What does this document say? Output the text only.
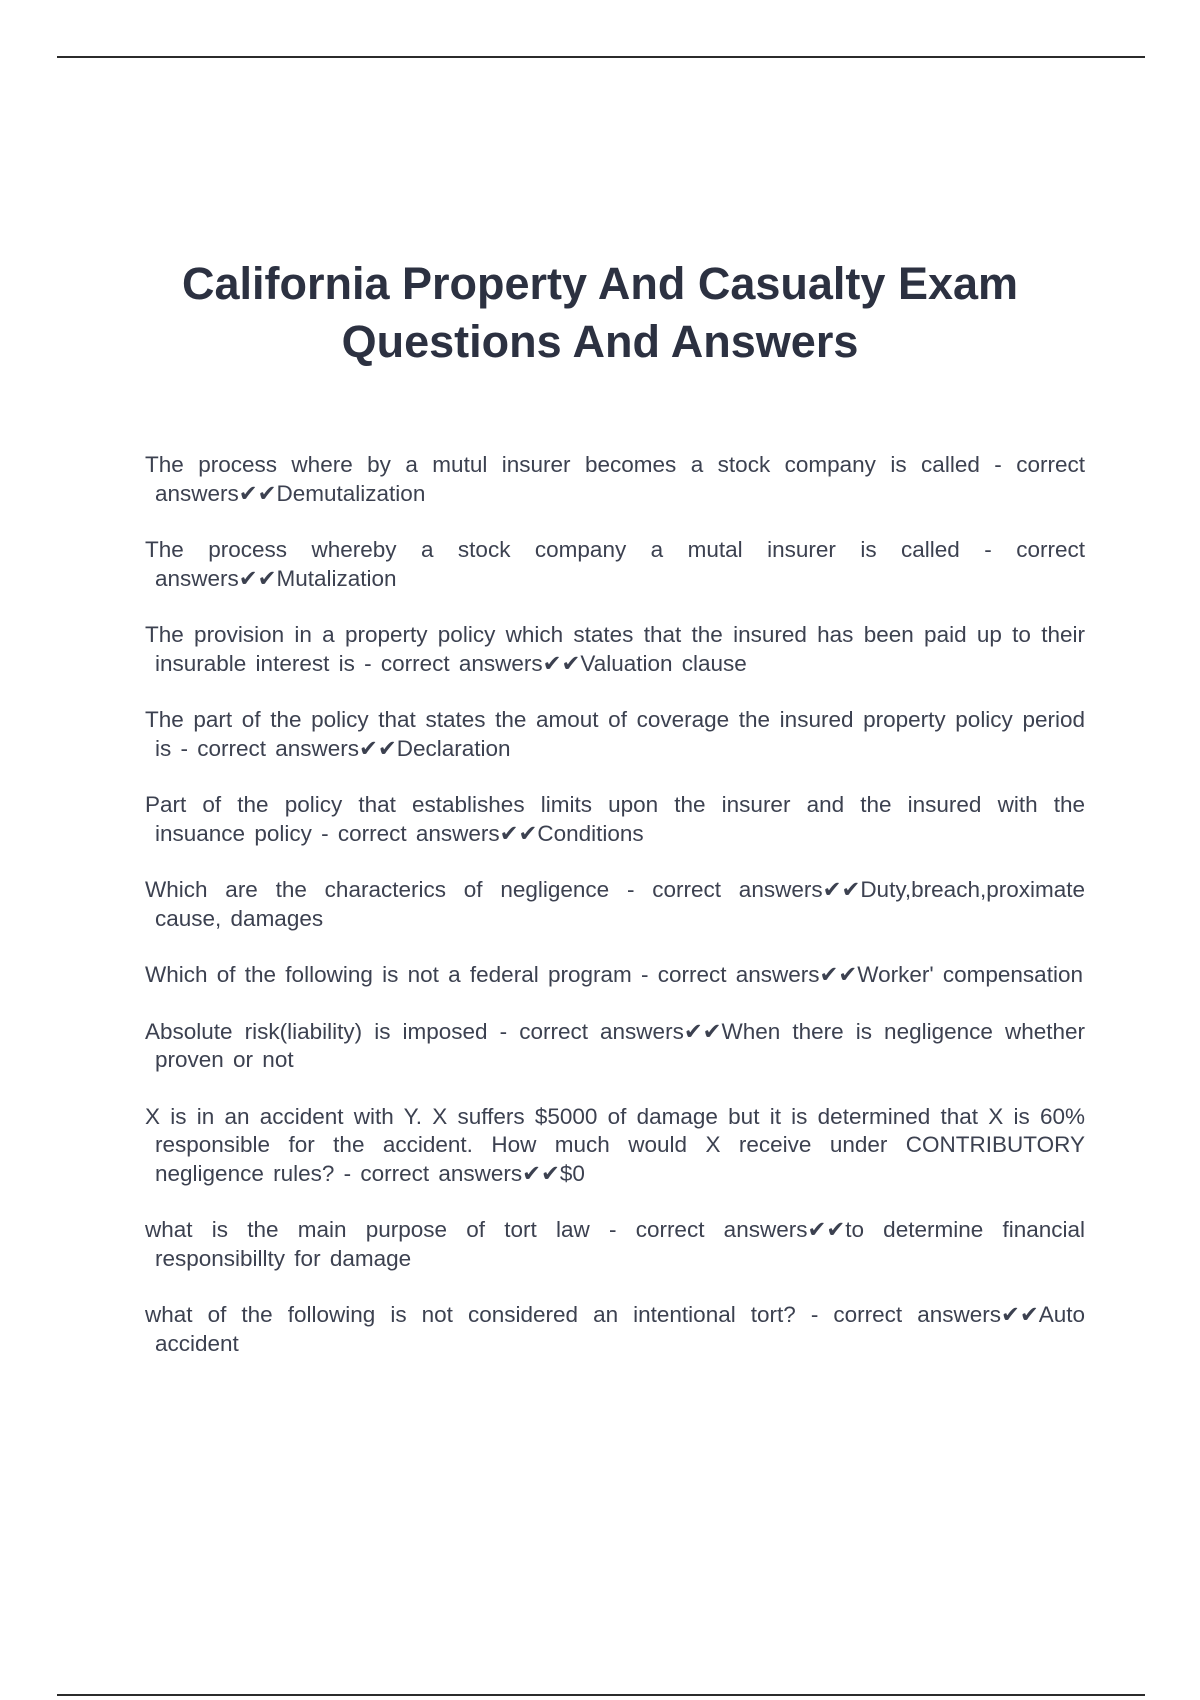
California Property And Casualty Exam Questions And Answers
The process where by a mutul insurer becomes a stock company is called - correct answers✔✔Demutalization
The process whereby a stock company a mutal insurer is called - correct answers✔✔Mutalization
The provision in a property policy which states that the insured has been paid up to their insurable interest is - correct answers✔✔Valuation clause
The part of the policy that states the amout of coverage the insured property policy period is - correct answers✔✔Declaration
Part of the policy that establishes limits upon the insurer and the insured with the insuance policy - correct answers✔✔Conditions
Which are the characterics of negligence - correct answers✔✔Duty,breach,proximate cause, damages
Which of the following is not a federal program - correct answers✔✔Worker' compensation
Absolute risk(liability) is imposed - correct answers✔✔When there is negligence whether proven or not
X is in an accident with Y. X suffers $5000 of damage but it is determined that X is 60% responsible for the accident. How much would X receive under CONTRIBUTORY negligence rules? - correct answers✔✔$0
what is the main purpose of tort law - correct answers✔✔to determine financial responsibillty for damage
what of the following is not considered an intentional tort? - correct answers✔✔Auto accident
